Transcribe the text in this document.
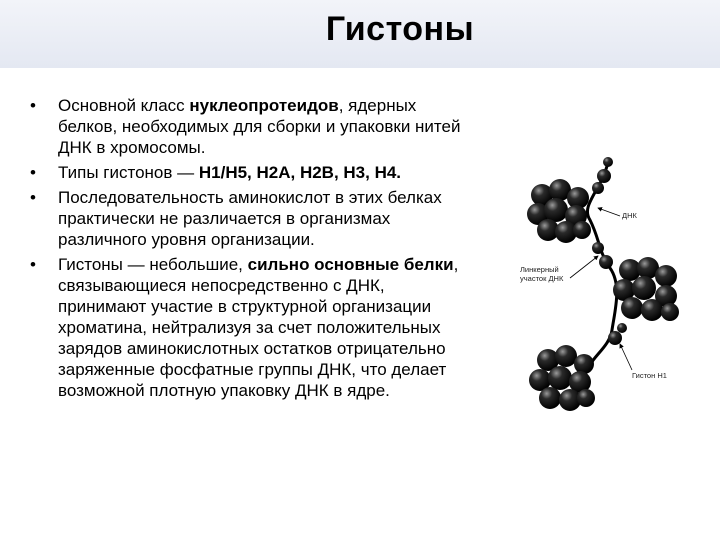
Гистоны
•	Основной класс нуклеопротеидов, ядерных белков, необходимых для сборки и упаковки нитей ДНК в хромосомы.
•	Типы гистонов — Н1/Н5, Н2А, Н2В, Н3, Н4.
•	Последовательность аминокислот в этих белках практически не различается в организмах различного уровня организации.
•	Гистоны — небольшие, сильно основные белки, связывающиеся непосредственно с ДНК, принимают участие в структурной организации хроматина, нейтрализуя за счет положительных зарядов аминокислотных остатков отрицательно заряженные фосфатные группы ДНК, что делает возможной плотную упаковку ДНК в ядре.
ДНК
Линкерный
участок ДНК
Гистон Н1
